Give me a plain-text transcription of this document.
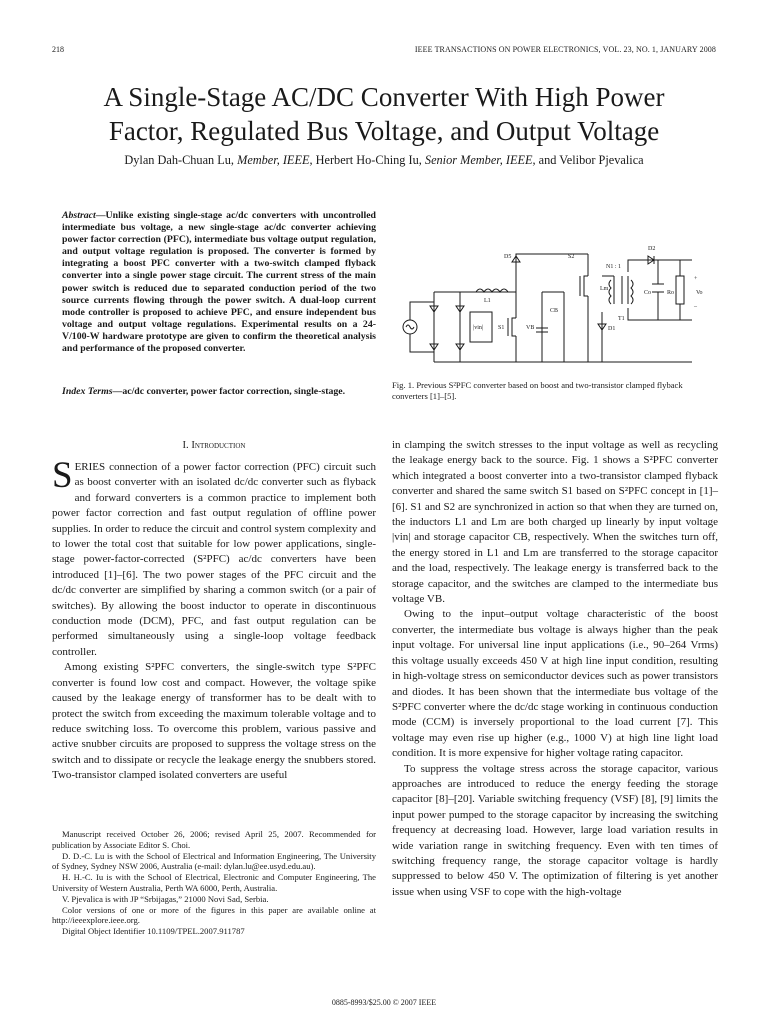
218	IEEE TRANSACTIONS ON POWER ELECTRONICS, VOL. 23, NO. 1, JANUARY 2008
A Single-Stage AC/DC Converter With High Power
Factor, Regulated Bus Voltage, and Output Voltage
Dylan Dah-Chuan Lu, Member, IEEE, Herbert Ho-Ching Iu, Senior Member, IEEE, and Velibor Pjevalica
Abstract—Unlike existing single-stage ac/dc converters with uncontrolled intermediate bus voltage, a new single-stage ac/dc converter achieving power factor correction (PFC), intermediate bus voltage output regulation, and output voltage regulation is proposed. The converter is formed by integrating a boost PFC converter with a two-switch clamped flyback converter into a single power stage circuit. The current stress of the main power switch is reduced due to separated conduction period of the two source currents flowing through the power switch. A dual-loop current mode controller is proposed to achieve PFC, and ensure independent bus voltage and output voltage regulations. Experimental results on a 24-V/100-W hardware prototype are given to confirm the theoretical analysis and performance of the proposed converter.
Index Terms—ac/dc converter, power factor correction, single-stage.
D5	S2
D2
N1 : 1
L1
Lm
Co	Ro	Vo
CB
|vin| S1	VB	D1
T1
+
–
Fig. 1. Previous S²PFC converter based on boost and two-transistor clamped flyback converters [1]–[5].
I. Introduction

SERIES connection of a power factor correction (PFC) circuit such as boost converter with an isolated dc/dc converter such as flyback and forward converters is a common practice to implement both power factor correction and fast output regulation of offline power supplies. In order to reduce the circuit and control system complexity and to lower the total cost that suitable for low power applications, single-stage power-factor-corrected (S²PFC) ac/dc converters have been introduced [1]–[6]. The two power stages of the PFC circuit and the dc/dc converter are simplified by sharing a common switch (or a pair of switches). By allowing the boost inductor to operate in discontinuous conduction mode (DCM), PFC, and fast output regulation can be performed simultaneously using a single-loop voltage feedback controller.

Among existing S²PFC converters, the single-switch type S²PFC converter is found low cost and compact. However, the voltage spike caused by the leakage energy of transformer has to be dealt with to protect the switch from exceeding the maximum tolerable voltage and to reduce switching loss. To overcome this problem, various passive and active snubber circuits are proposed to suppress the voltage stress on the switch and to dissipate or recycle the leakage energy the snubbers stored. Two-transistor clamped isolated converters are useful

Manuscript received October 26, 2006; revised April 25, 2007. Recommended for publication by Associate Editor S. Choi.

D. D.-C. Lu is with the School of Electrical and Information Engineering, The University of Sydney, Sydney NSW 2006, Australia (e-mail: dylan.lu@ee.usyd.edu.au).

H. H.-C. Iu is with the School of Electrical, Electronic and Computer Engineering, The University of Western Australia, Perth WA 6000, Perth, Australia.

V. Pjevalica is with JP “Srbijagas,” 21000 Novi Sad, Serbia.

Color versions of one or more of the figures in this paper are available online at http://ieeexplore.ieee.org.

Digital Object Identifier 10.1109/TPEL.2007.911787

in clamping the switch stresses to the input voltage as well as recycling the leakage energy back to the source. Fig. 1 shows a S²PFC converter which integrated a boost converter into a two-transistor clamped flyback converter and shared the same switch S1 based on S²PFC concept in [1]–[6]. S1 and S2 are synchronized in action so that when they are turned on, the inductors L1 and Lm are both charged up linearly by input voltage |vin| and storage capacitor CB, respectively. When the switches turn off, the energy stored in L1 and Lm are transferred to the storage capacitor and the load, respectively. The leakage energy is transferred back to the storage capacitor, and the switches are clamped to the intermediate bus voltage VB.

Owing to the input–output voltage characteristic of the boost converter, the intermediate bus voltage is always higher than the peak input voltage. For universal line input applications (i.e., 90–264 Vrms) this voltage usually exceeds 450 V at high line input condition, resulting in high-voltage stress on semiconductor devices such as power transistors and diodes. It has been shown that the intermediate bus voltage of the S²PFC converter where the dc/dc stage working in continuous conduction mode (CCM) is inversely proportional to the load current [7]. This voltage may even rise up higher (e.g., 1000 V) at high line light load condition. It is more expensive for higher voltage rating capacitor.

To suppress the voltage stress across the storage capacitor, various approaches are introduced to reduce the energy feeding the storage capacitor [8]–[20]. Variable switching frequency (VSF) [8], [9] limits the input power pumped to the storage capacitor by increasing the switching frequency at decreasing load. However, large load variation results in wide variation range in switching frequency. Even with ten times of switching frequency range, the storage capacitor voltage is hardly suppressed to below 450 V. The optimization of filtering is yet another issue when using VSF to cope with the high-voltage

0885-8993/$25.00 © 2007 IEEE
